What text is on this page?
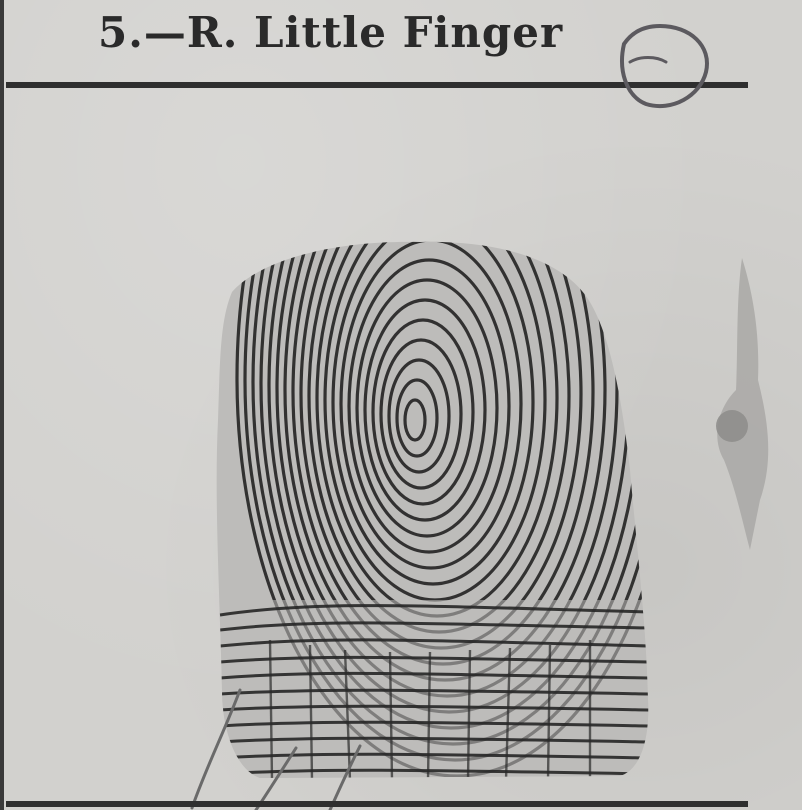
5.—R. Little Finger
